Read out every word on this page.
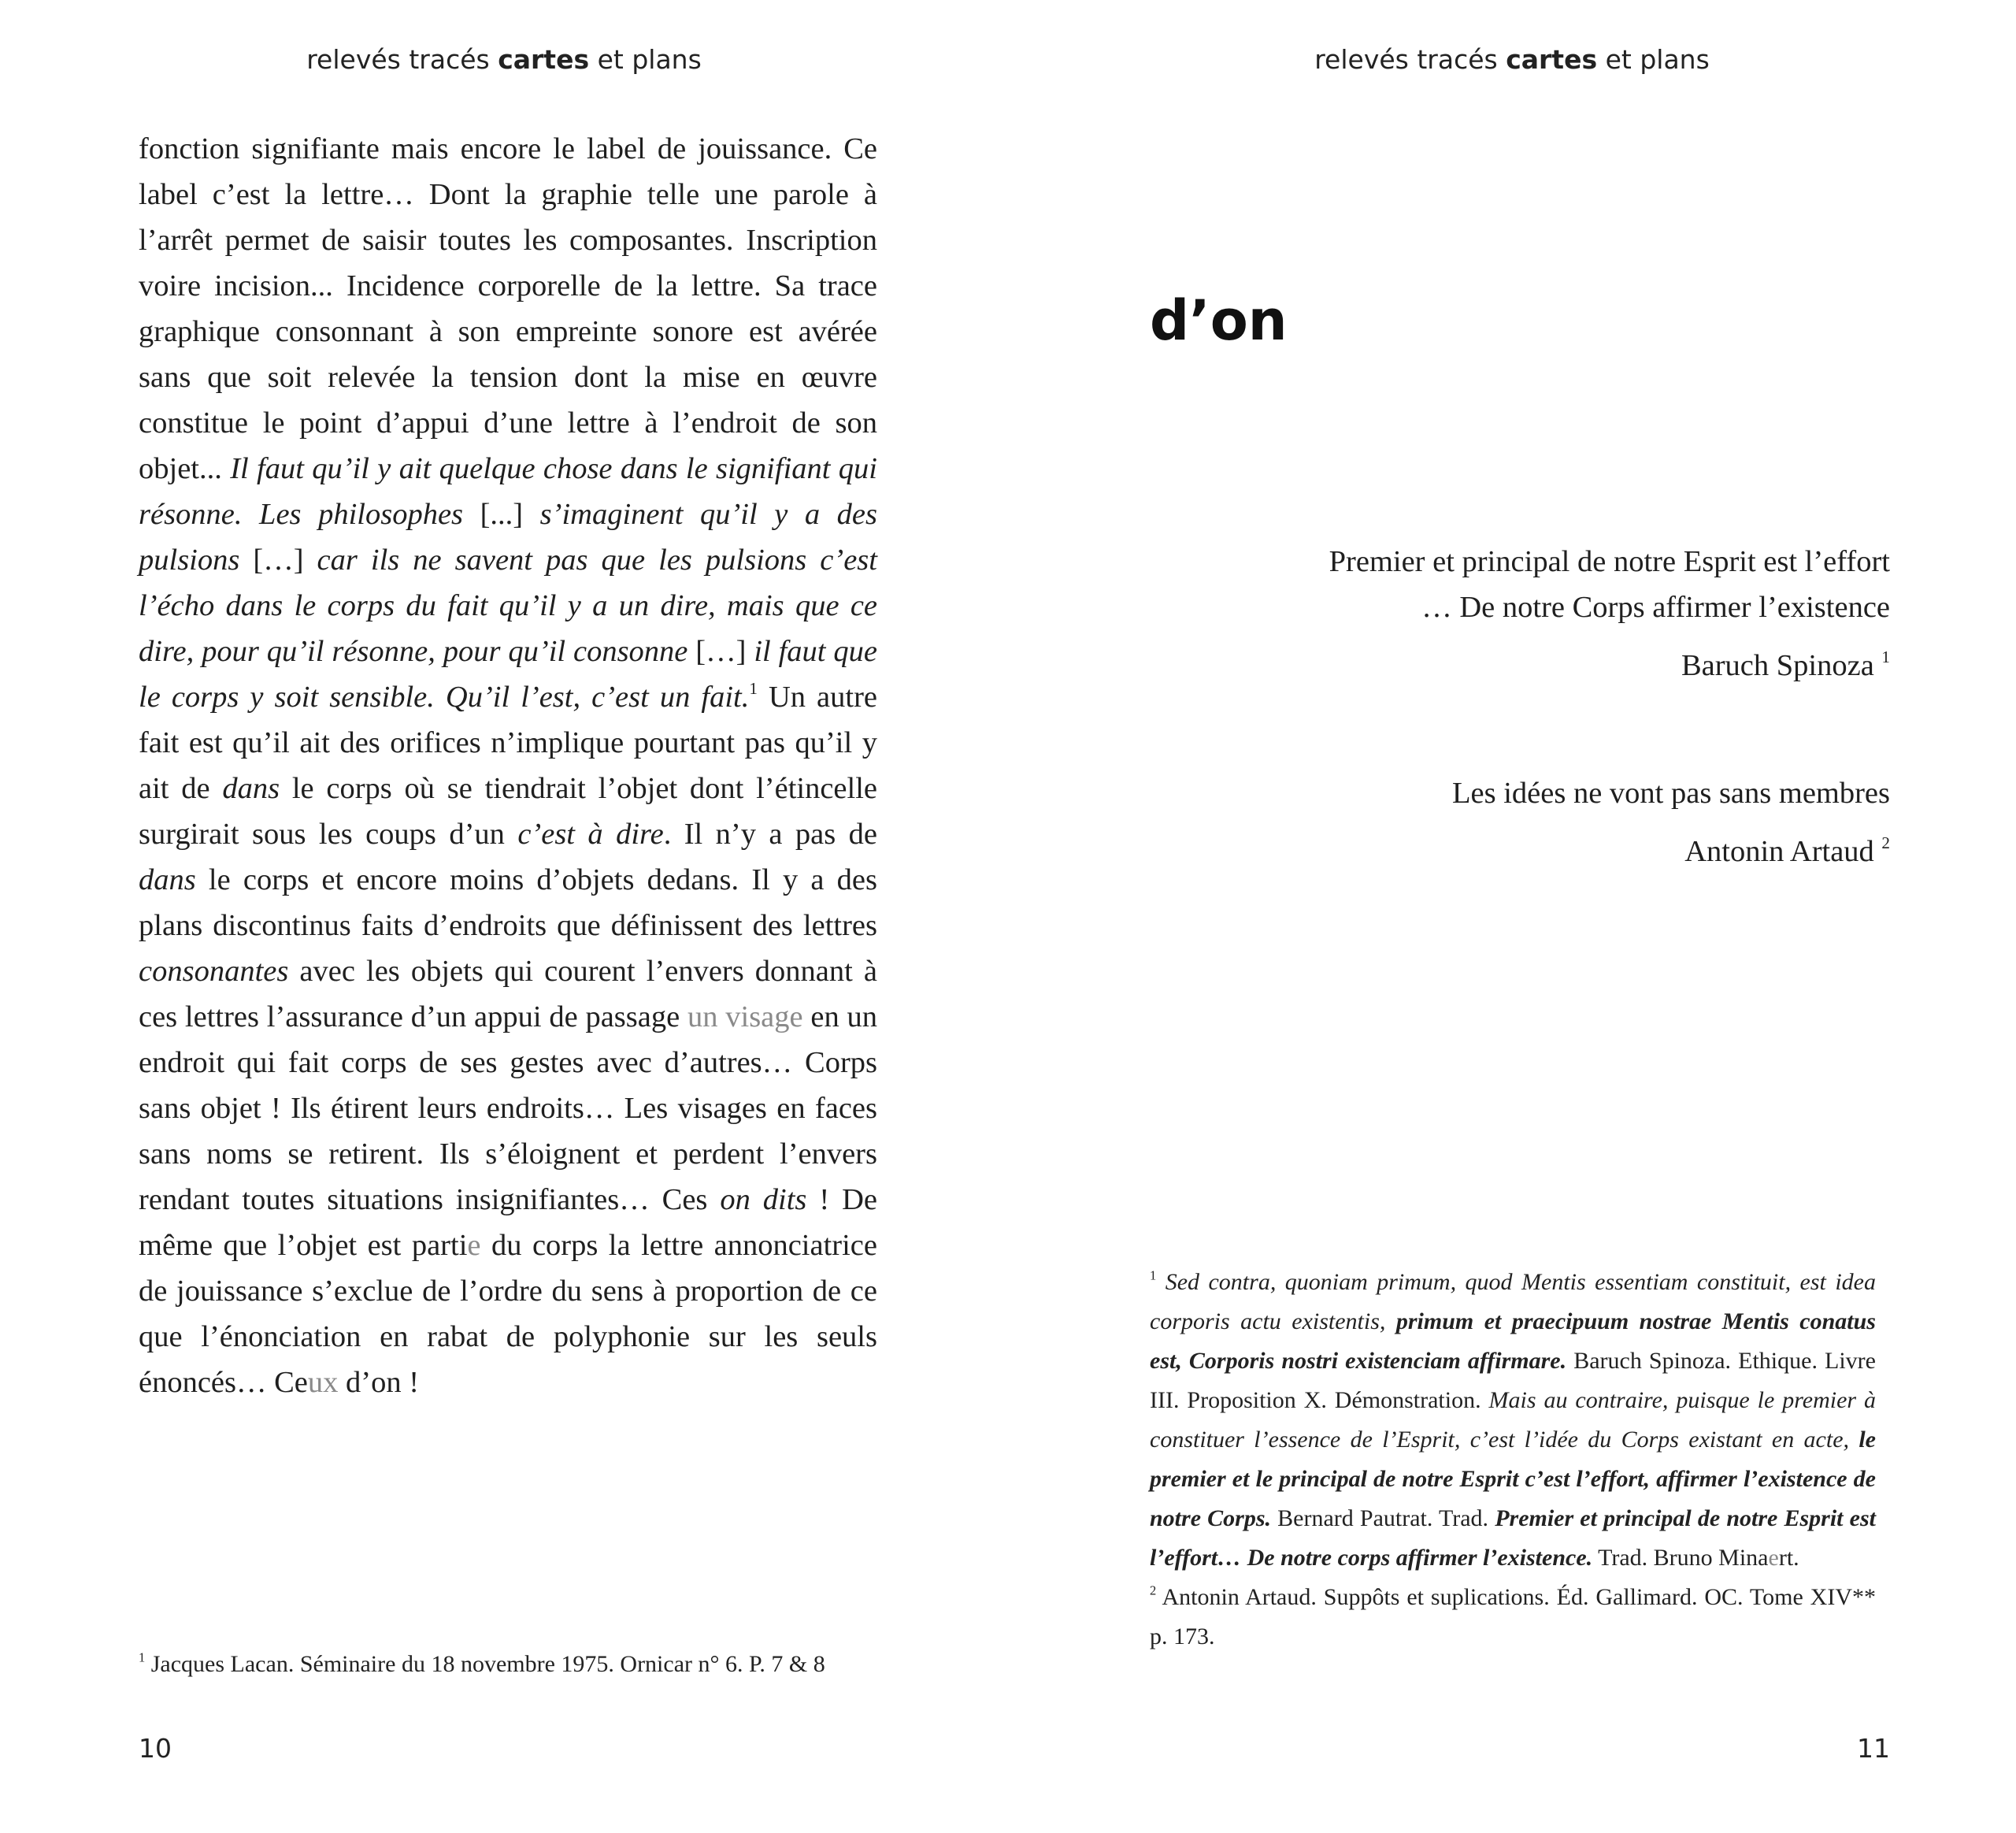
relevés tracés cartes et plans
fonction signifiante mais encore le label de jouissance. Ce label c’est la lettre… Dont la graphie telle une parole à l’arrêt permet de saisir toutes les composantes. Inscription voire incision... Incidence corporelle de la lettre. Sa trace graphique consonnant à son empreinte sonore est avérée sans que soit relevée la tension dont la mise en œuvre constitue le point d’appui d’une lettre à l’endroit de son objet... Il faut qu’il y ait quelque chose dans le signifiant qui résonne. Les philosophes [...] s’imaginent qu’il y a des pulsions […] car ils ne savent pas que les pulsions c’est l’écho dans le corps du fait qu’il y a un dire, mais que ce dire, pour qu’il résonne, pour qu’il consonne […] il faut que le corps y soit sensible. Qu’il l’est, c’est un fait.$^1$ Un autre fait est qu’il ait des orifices n’implique pourtant pas qu’il y ait de dans le corps où se tiendrait l’objet dont l’étincelle surgirait sous les coups d’un c’est à dire. Il n’y a pas de dans le corps et encore moins d’objets dedans. Il y a des plans discontinus faits d’endroits que définissent des lettres consonantes avec les objets qui courent l’envers donnant à ces lettres l’assurance d’un appui de passage un visage en un endroit qui fait corps de ses gestes avec d’autres… Corps sans objet ! Ils étirent leurs endroits… Les visages en faces sans noms se retirent. Ils s’éloignent et perdent l’envers rendant toutes situations insignifiantes… Ces on dits ! De même que l’objet est partie du corps la lettre annonciatrice de jouissance s’exclue de l’ordre du sens à proportion de ce que l’énonciation en rabat de polyphonie sur les seuls énoncés… Ceux d’on !
$^1$ Jacques Lacan. Séminaire du 18 novembre 1975. Ornicar n° 6. P. 7 & 8
10
relevés tracés cartes et plans
d’on
Premier et principal de notre Esprit est l’effort
… De notre Corps affirmer l’existence
Baruch Spinoza $^1$
Les idées ne vont pas sans membres
Antonin Artaud $^2$

$^1$ Sed contra, quoniam primum, quod Mentis essentiam constituit, est idea corporis actu existentis, primum et praecipuum nostrae Mentis conatus est, Corporis nostri existenciam affirmare. Baruch Spinoza. Ethique. Livre III. Proposition X. Démonstration. Mais au contraire, puisque le premier à constituer l’essence de l’Esprit, c’est l’idée du Corps existant en acte, le premier et le principal de notre Esprit c’est l’effort, affirmer l’existence de notre Corps. Bernard Pautrat. Trad. Premier et principal de notre Esprit est l’effort… De notre corps affirmer l’existence. Trad. Bruno Minaert.

$^2$ Antonin Artaud. Suppôts et suplications. Éd. Gallimard. OC. Tome XIV** p. 173.

11
